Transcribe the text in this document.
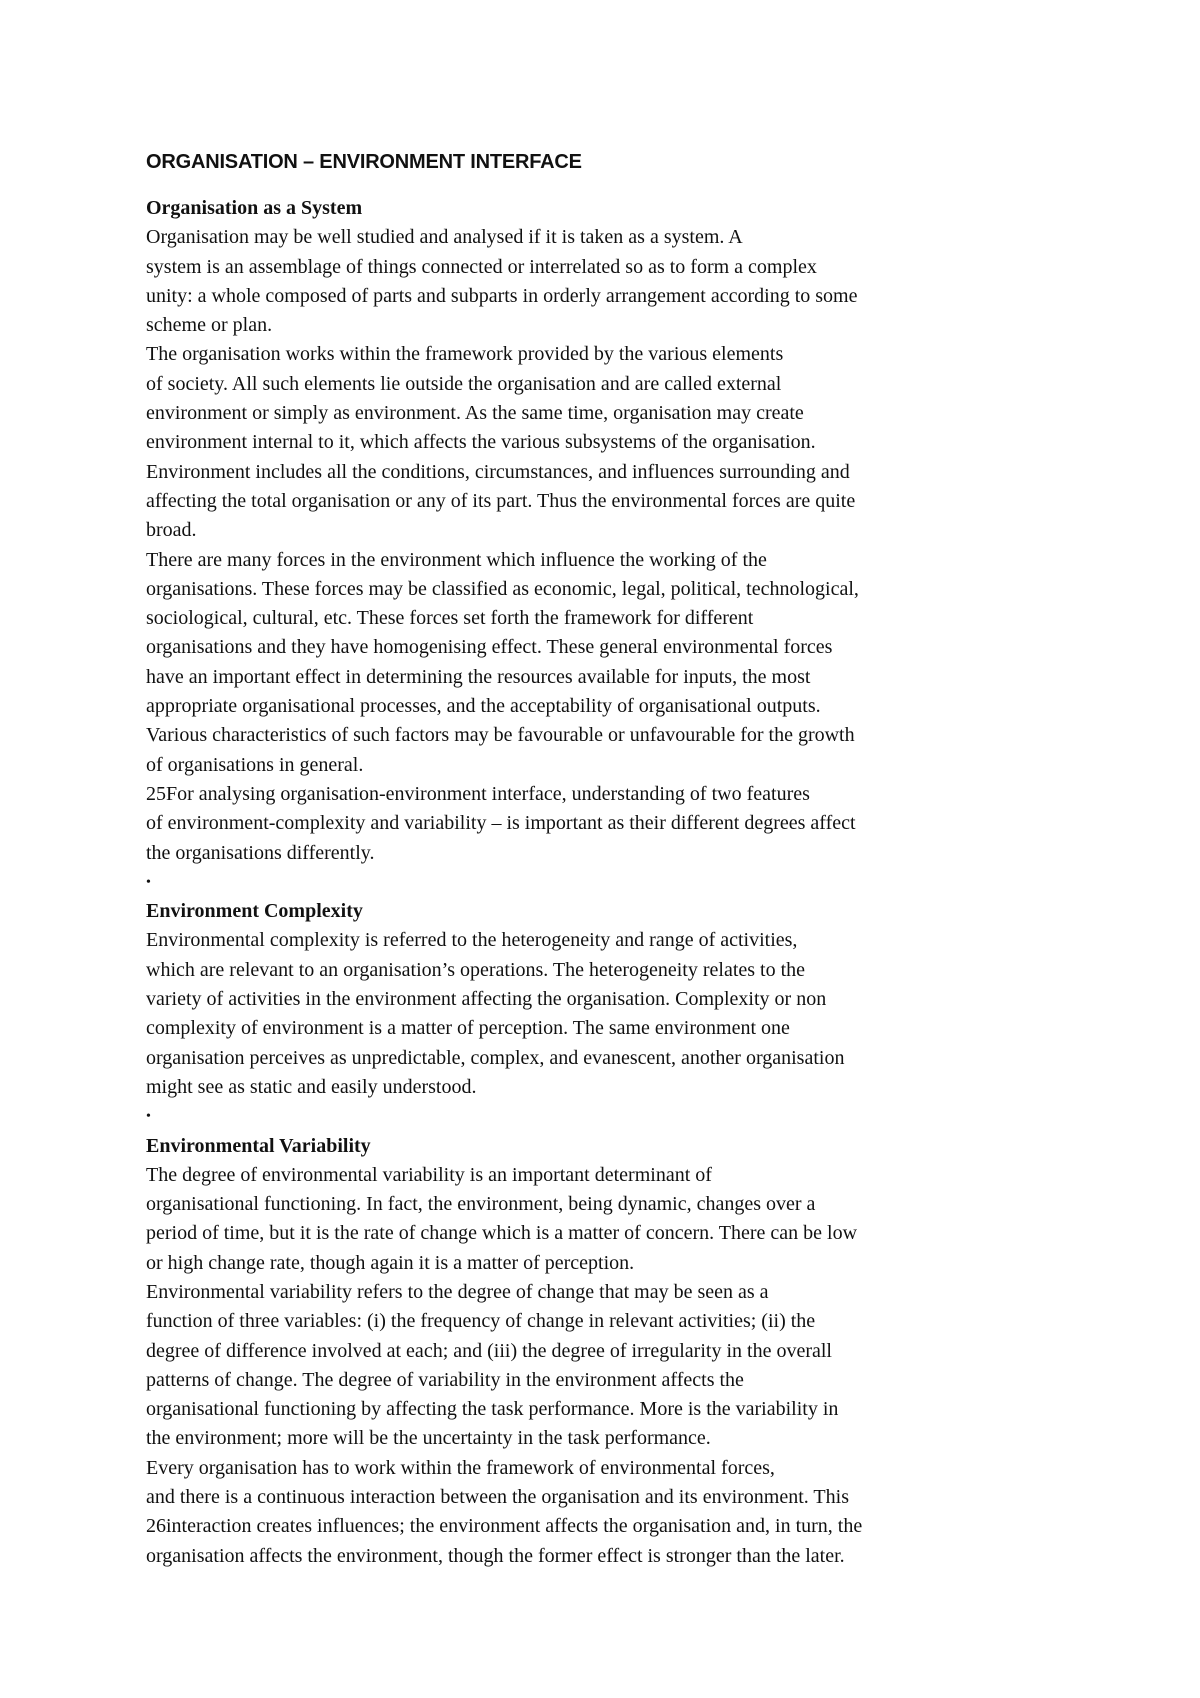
ORGANISATION – ENVIRONMENT INTERFACE
Organisation as a System
Organisation may be well studied and analysed if it is taken as a system. A
system is an assemblage of things connected or interrelated so as to form a complex
unity: a whole composed of parts and subparts in orderly arrangement according to some
scheme or plan.
The organisation works within the framework provided by the various elements
of society. All such elements lie outside the organisation and are called external
environment or simply as environment. As the same time, organisation may create
environment internal to it, which affects the various subsystems of the organisation.
Environment includes all the conditions, circumstances, and influences surrounding and
affecting the total organisation or any of its part. Thus the environmental forces are quite
broad.
There are many forces in the environment which influence the working of the
organisations. These forces may be classified as economic, legal, political, technological,
sociological, cultural, etc. These forces set forth the framework for different
organisations and they have homogenising effect. These general environmental forces
have an important effect in determining the resources available for inputs, the most
appropriate organisational processes, and the acceptability of organisational outputs.
Various characteristics of such factors may be favourable or unfavourable for the growth
of organisations in general.
25For analysing organisation-environment interface, understanding of two features
of environment-complexity and variability – is important as their different degrees affect
the organisations differently.
•
Environment Complexity
Environmental complexity is referred to the heterogeneity and range of activities,
which are relevant to an organisation’s operations. The heterogeneity relates to the
variety of activities in the environment affecting the organisation. Complexity or non
complexity of environment is a matter of perception. The same environment one
organisation perceives as unpredictable, complex, and evanescent, another organisation
might see as static and easily understood.
•
Environmental Variability
The degree of environmental variability is an important determinant of
organisational functioning. In fact, the environment, being dynamic, changes over a
period of time, but it is the rate of change which is a matter of concern. There can be low
or high change rate, though again it is a matter of perception.
Environmental variability refers to the degree of change that may be seen as a
function of three variables: (i) the frequency of change in relevant activities; (ii) the
degree of difference involved at each; and (iii) the degree of irregularity in the overall
patterns of change. The degree of variability in the environment affects the
organisational functioning by affecting the task performance. More is the variability in
the environment; more will be the uncertainty in the task performance.
Every organisation has to work within the framework of environmental forces,
and there is a continuous interaction between the organisation and its environment. This
26interaction creates influences; the environment affects the organisation and, in turn, the
organisation affects the environment, though the former effect is stronger than the later.
